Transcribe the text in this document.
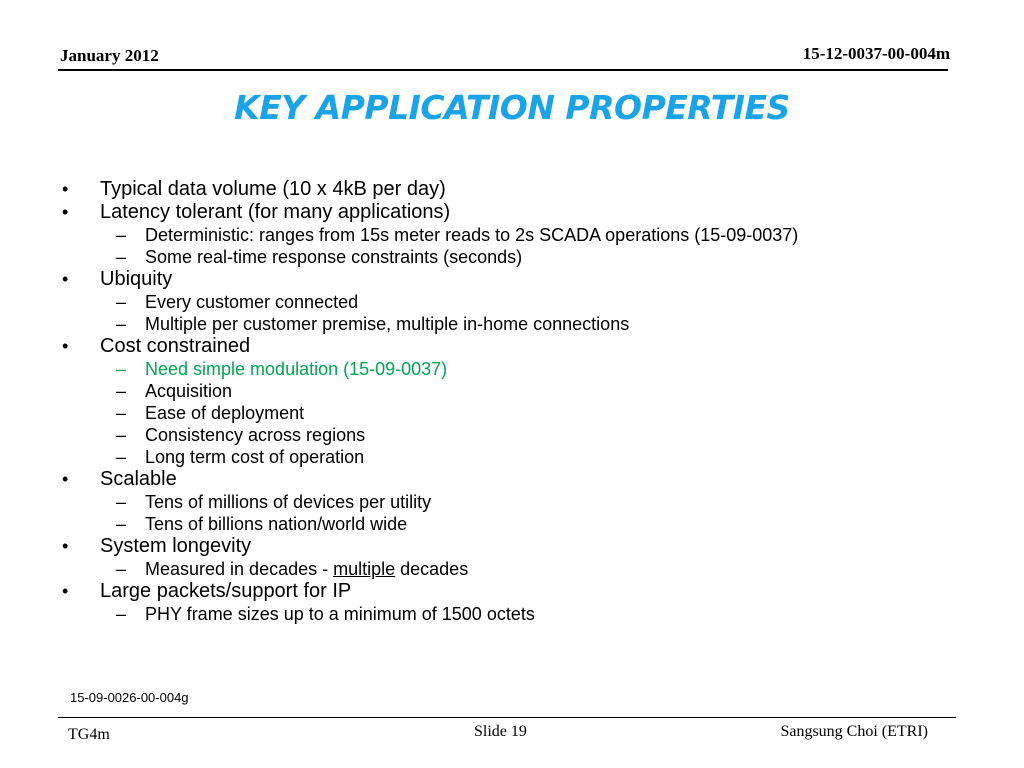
January 2012	15-12-0037-00-004m
KEY APPLICATION PROPERTIES
• Typical data volume (10 x 4kB per day)
• Latency tolerant (for many applications)
– Deterministic: ranges from 15s meter reads to 2s SCADA operations (15-09-0037)
– Some real-time response constraints (seconds)
• Ubiquity
– Every customer connected
– Multiple per customer premise, multiple in-home connections
• Cost constrained
– Need simple modulation (15-09-0037)
– Acquisition
– Ease of deployment
– Consistency across regions
– Long term cost of operation
• Scalable
– Tens of millions of devices per utility
– Tens of billions nation/world wide
• System longevity
– Measured in decades - multiple decades
• Large packets/support for IP
– PHY frame sizes up to a minimum of 1500 octets
15-09-0026-00-004g
TG4m	Slide 19	Sangsung Choi (ETRI)
